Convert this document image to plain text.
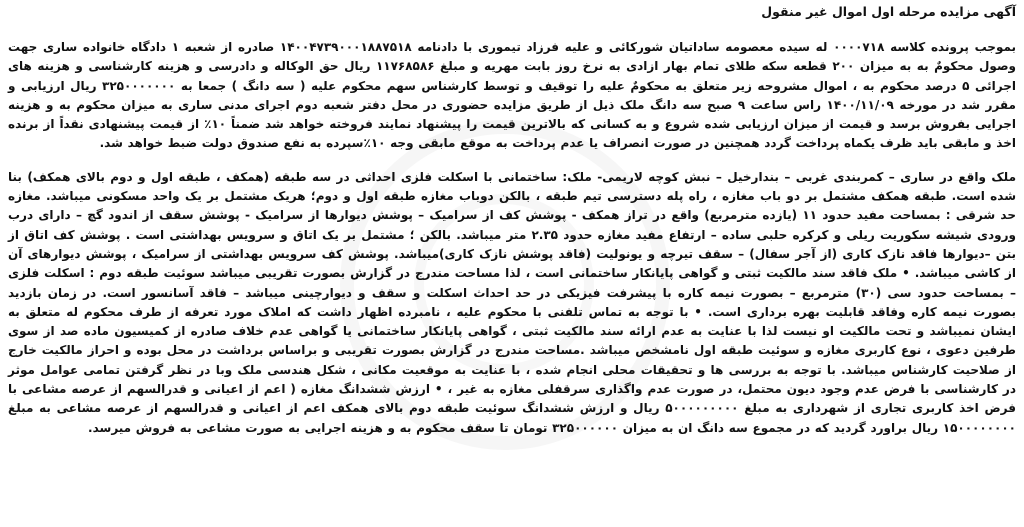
آگهی مزایده مرحله اول اموال غیر منقول

بموجب پرونده کلاسه ۰۰۰۰۷۱۸ له سیده معصومه ساداتیان شورکائی و علیه فرزاد تیموری با دادنامه ۱۴۰۰۴۷۳۹۰۰۰۱۸۸۷۵۱۸ صادره از شعبه ۱ دادگاه خانواده ساری جهت وصول محکومٌ به به میزان ۲۰۰ قطعه سکه طلای تمام بهار ازادی به نرخ روز بابت مهریه و مبلغ ۱۱۷۶۸۵۸۶ ریال حق الوکاله و دادرسی و هزینه کارشناسی و هزینه های اجرائی ۵ درصد محکوم به ، اموال مشروحه زیر متعلق به محکومٌ علیه را توقیف و توسط کارشناس سهم محکوم علیه ( سه دانگ ) جمعا به ۳۲۵۰۰۰۰۰۰۰ ریال ارزیابی و مقرر شد در مورخه ۱۴۰۰/۱۱/۰۹ راس ساعت ۹ صبح سه دانگ ملک ذیل از طریق مزایده حضوری در محل دفتر شعبه دوم اجرای مدنی ساری به میزان محکوم به و هزینه اجرایی بفروش برسد و قیمت از میزان ارزیابی شده شروع و به کسانی که بالاترین قیمت را پیشنهاد نمایند فروخته خواهد شد ضمناً ۱۰٪ از قیمت پیشنهادی نقداً از برنده اخذ و مابقی باید ظرف یکماه پرداخت گردد همچنین در صورت انصراف یا عدم پرداخت به موقع مابقی وجه ۱۰٪سپرده به نفع صندوق دولت ضبط خواهد شد.

ملک واقع در ساری – کمربندی غربی – بندارخیل – نبش کوچه لاریمی- ملک: ساختمانی با اسکلت فلزی احداثی در سه طبقه (همکف ، طبقه اول و دوم بالای همکف) بنا شده است. طبقه همکف مشتمل بر دو باب مغازه ، راه پله دسترسی تیم طبقه ، بالکن دوباب مغازه طبقه اول و دوم؛ هریک مشتمل بر یک واحد مسکونی میباشد. مغازه حد شرقی : بمساحت مفید حدود ۱۱ (یازده مترمربع) واقع در تراز همکف - پوشش کف از سرامیک – پوشش دیوارها از سرامیک - پوشش سقف از اندود گچ – دارای درب ورودی شیشه سکوریت ریلی و کرکره حلبی ساده – ارتفاع مفید مغازه حدود ۲.۳۵ متر میباشد. بالکن ؛ مشتمل بر یک اتاق و سرویس بهداشتی است . پوشش کف اتاق از بتن –دیوارها فاقد نازک کاری (از آجر سفال) – سقف تیرچه و یونولیت (فاقد پوشش نازک کاری)میباشد. پوشش کف سرویس بهداشتی از سرامیک ، پوشش دیوارهای آن از کاشی میباشد. • ملک فاقد سند مالکیت ثبتی و گواهی پایانکار ساختمانی است ، لذا مساحت مندرج در گزارش بصورت تقریبی میباشد سوئیت طبقه دوم : اسکلت فلزی – بمساحت حدود سی (۳۰) مترمربع – بصورت نیمه کاره با پیشرفت فیزیکی در حد احداث اسکلت و سقف و دیوارچینی میباشد – فاقد آسانسور است. در زمان بازدید بصورت نیمه کاره وفاقد قابلیت بهره برداری است. • با توجه به تماس تلفنی با محکوم علیه ، نامبرده اظهار داشت که املاک مورد تعرفه از طرف محکوم له متعلق به ایشان نمیباشد و تحت مالکیت او نیست لذا با عنایت به عدم ارائه سند مالکیت ثبتی ، گواهی پایانکار ساختمانی یا گواهی عدم خلاف صادره از کمیسیون ماده صد از سوی طرفین دعوی ، نوع کاربری مغازه و سوئیت طبقه اول نامشخص میباشد .مساحت مندرج در گزارش بصورت تقریبی و براساس برداشت در محل بوده و احراز مالکیت خارج از صلاحیت کارشناس میباشد. با توجه به بررسی ها و تحقیقات محلی انجام شده ، با عنایت به موقعیت مکانی ، شکل هندسی ملک وبا در نظر گرفتن تمامی عوامل موثر در کارشناسی با فرض عدم وجود دیون محتمل، در صورت عدم واگذاری سرقفلی مغازه به غیر ، • ارزش ششدانگ مغازه ( اعم از اعیانی و قدرالسهم از عرصه مشاعی با فرض اخذ کاربری تجاری از شهرداری به مبلغ ۵۰۰۰۰۰۰۰۰۰ ریال و ارزش ششدانگ سوئیت طبقه دوم بالای همکف اعم از اعیانی و قدرالسهم از عرصه مشاعی به مبلغ ۱۵۰۰۰۰۰۰۰۰ ریال براورد گردید که در مجموع سه دانگ ان به میزان ۳۲۵۰۰۰۰۰۰ تومان تا سقف محکوم به و هزینه اجرایی به صورت مشاعی به فروش میرسد.
